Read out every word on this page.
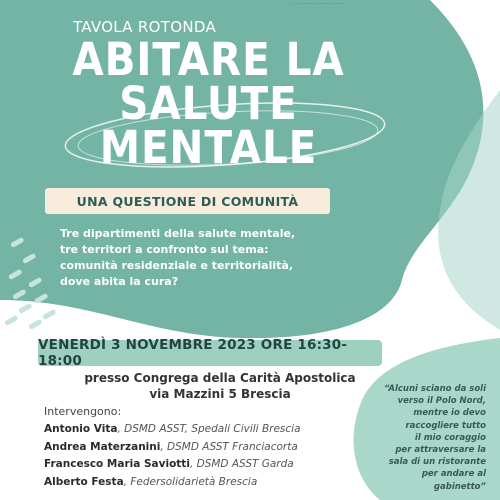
................................
TAVOLA ROTONDA
ABITARE LA
SALUTE
MENTALE
UNA QUESTIONE DI COMUNITÀ
Tre dipartimenti della salute mentale,
tre territori a confronto sul tema:
comunità residenziale e territorialità,
dove abita la cura?
VENERDÌ 3 NOVEMBRE 2023 ORE 16:30-18:00
presso Congrega della Carità Apostolica
via Mazzini 5 Brescia
Intervengono:
Antonio Vita, DSMD ASST, Spedali Civili Brescia
Andrea Materzanini, DSMD ASST Franciacorta
Francesco Maria Saviotti, DSMD ASST Garda
Alberto Festa, Federsolidarietà Brescia
“Alcuni sciano da soli
verso il Polo Nord,
mentre io devo
raccogliere tutto
il mio coraggio
per attraversare la
sala di un ristorante
per andare al
gabinetto”
